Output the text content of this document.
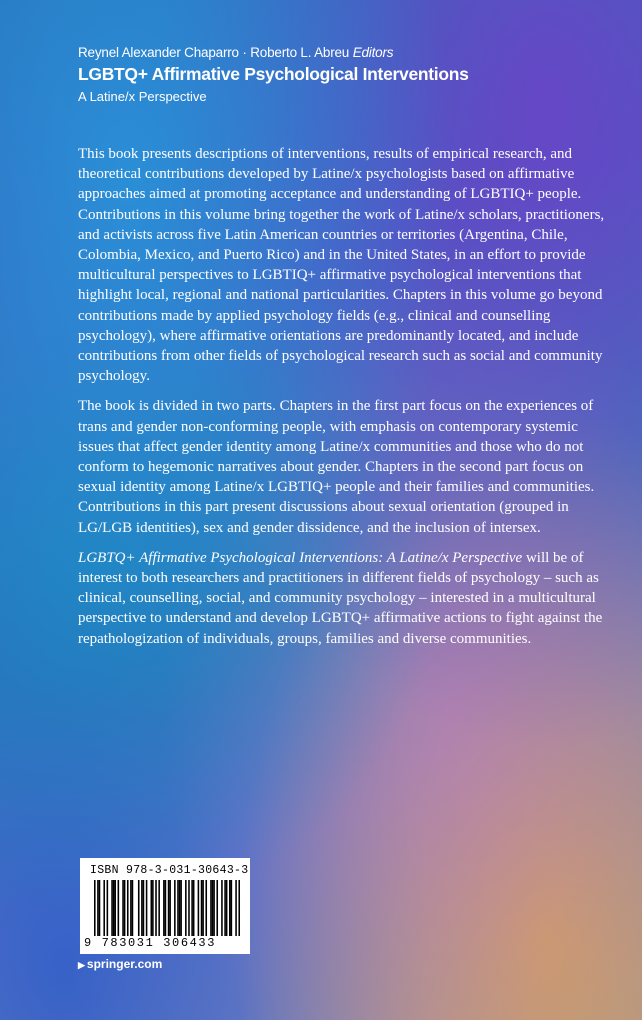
Reynel Alexander Chaparro · Roberto L. Abreu Editors
LGBTQ+ Affirmative Psychological Interventions
A Latine/x Perspective

This book presents descriptions of interventions, results of empirical research, and theoretical contributions developed by Latine/x psychologists based on affirmative approaches aimed at promoting acceptance and understanding of LGBTIQ+ people. Contributions in this volume bring together the work of Latine/x scholars, practitioners, and activists across five Latin American countries or territories (Argentina, Chile, Colombia, Mexico, and Puerto Rico) and in the United States, in an effort to provide multicultural perspectives to LGBTIQ+ affirmative psychological interventions that highlight local, regional and national particularities. Chapters in this volume go beyond contributions made by applied psychology fields (e.g., clinical and counselling psychology), where affirmative orientations are predominantly located, and include contributions from other fields of psychological research such as social and community psychology.

The book is divided in two parts. Chapters in the first part focus on the experiences of trans and gender non-conforming people, with emphasis on contemporary systemic issues that affect gender identity among Latine/x communities and those who do not conform to hegemonic narratives about gender. Chapters in the second part focus on sexual identity among Latine/x LGBTIQ+ people and their families and communities. Contributions in this part present discussions about sexual orientation (grouped in LG/LGB identities), sex and gender dissidence, and the inclusion of intersex.

LGBTQ+ Affirmative Psychological Interventions: A Latine/x Perspective will be of interest to both researchers and practitioners in different fields of psychology – such as clinical, counselling, social, and community psychology – interested in a multicultural perspective to understand and develop LGBTQ+ affirmative actions to fight against the repathologization of individuals, groups, families and diverse communities.

ISBN 978-3-031-30643-3
9 783031 306433
▶ springer.com
